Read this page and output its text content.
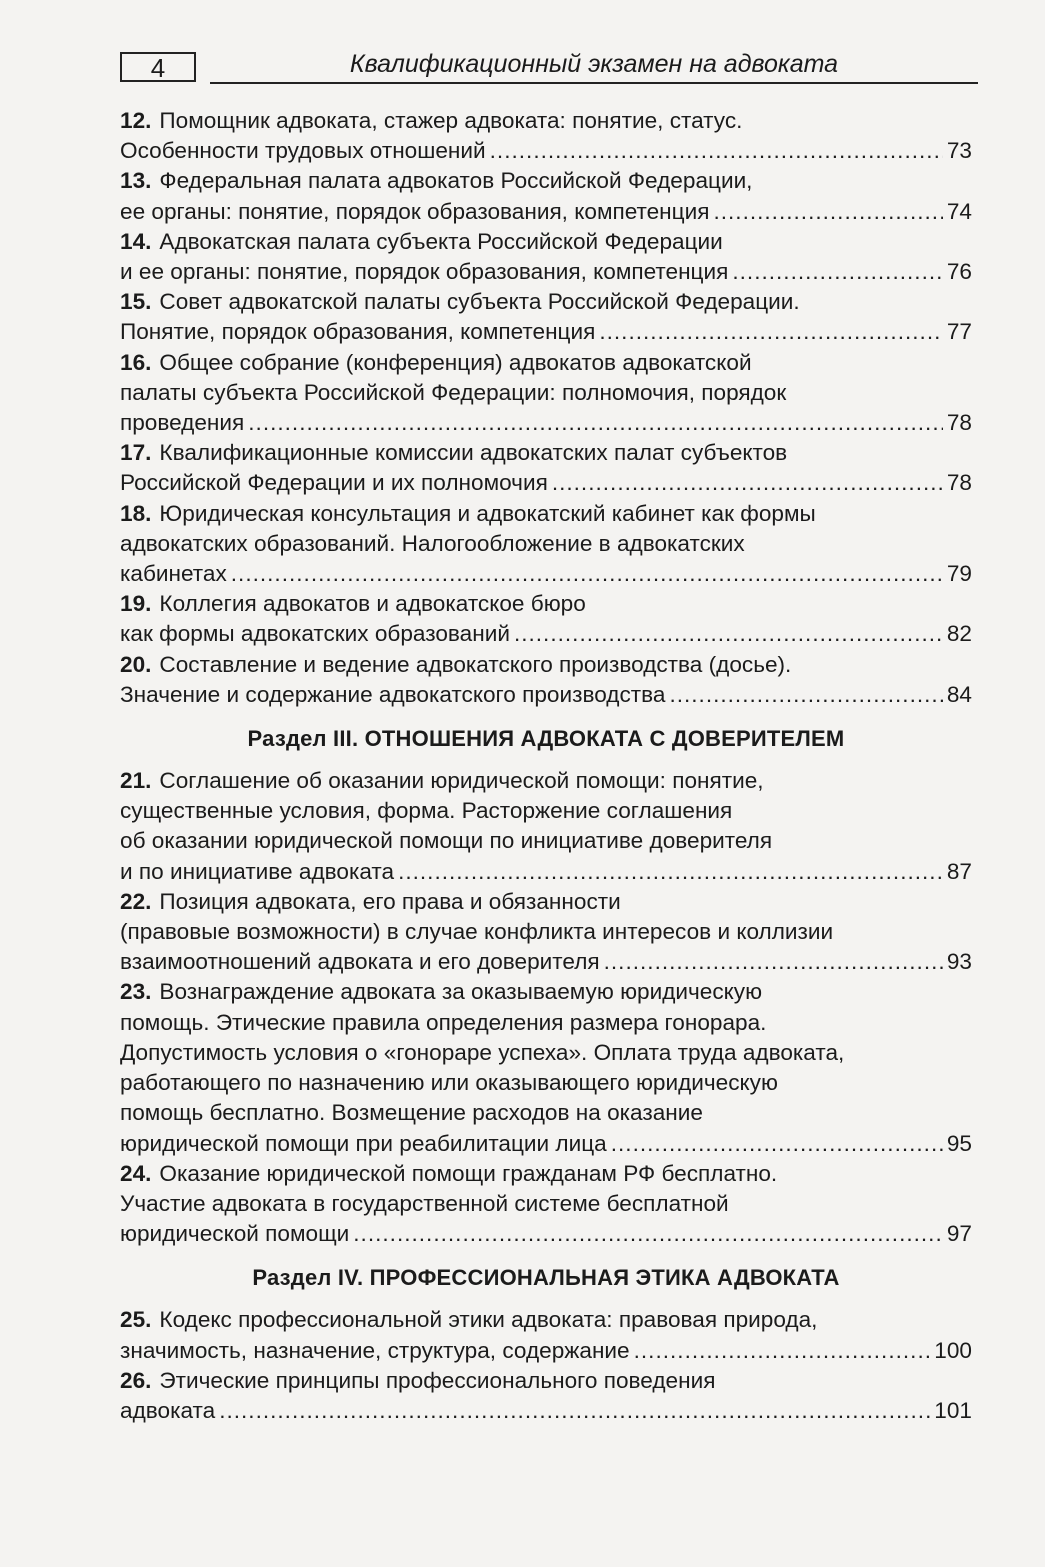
4	Квалификационный экзамен на адвоката
12. Помощник адвоката, стажер адвоката: понятие, статус.
Особенности трудовых отношений .....	73
13. Федеральная палата адвокатов Российской Федерации,
ее органы: понятие, порядок образования, компетенция .....	74
14. Адвокатская палата субъекта Российской Федерации
и ее органы: понятие, порядок образования, компетенция .....	76
15. Совет адвокатской палаты субъекта Российской Федерации.
Понятие, порядок образования, компетенция .....	77
16. Общее собрание (конференция) адвокатов адвокатской
палаты субъекта Российской Федерации: полномочия, порядок
проведения .....	78
17. Квалификационные комиссии адвокатских палат субъектов
Российской Федерации и их полномочия .....	78
18. Юридическая консультация и адвокатский кабинет как формы
адвокатских образований. Налогообложение в адвокатских
кабинетах .....	79
19. Коллегия адвокатов и адвокатское бюро
как формы адвокатских образований .....	82
20. Составление и ведение адвокатского производства (досье).
Значение и содержание адвокатского производства .....	84
Раздел III. ОТНОШЕНИЯ АДВОКАТА С ДОВЕРИТЕЛЕМ
21. Соглашение об оказании юридической помощи: понятие,
существенные условия, форма. Расторжение соглашения
об оказании юридической помощи по инициативе доверителя
и по инициативе адвоката .....	87
22. Позиция адвоката, его права и обязанности
(правовые возможности) в случае конфликта интересов и коллизии
взаимоотношений адвоката и его доверителя .....	93
23. Вознаграждение адвоката за оказываемую юридическую
помощь. Этические правила определения размера гонорара.
Допустимость условия о «гонораре успеха». Оплата труда адвоката,
работающего по назначению или оказывающего юридическую
помощь бесплатно. Возмещение расходов на оказание
юридической помощи при реабилитации лица .....	95
24. Оказание юридической помощи гражданам РФ бесплатно.
Участие адвоката в государственной системе бесплатной
юридической помощи .....	97
Раздел IV. ПРОФЕССИОНАЛЬНАЯ ЭТИКА АДВОКАТА
25. Кодекс профессиональной этики адвоката: правовая природа,
значимость, назначение, структура, содержание .....	100
26. Этические принципы профессионального поведения
адвоката .....	101
